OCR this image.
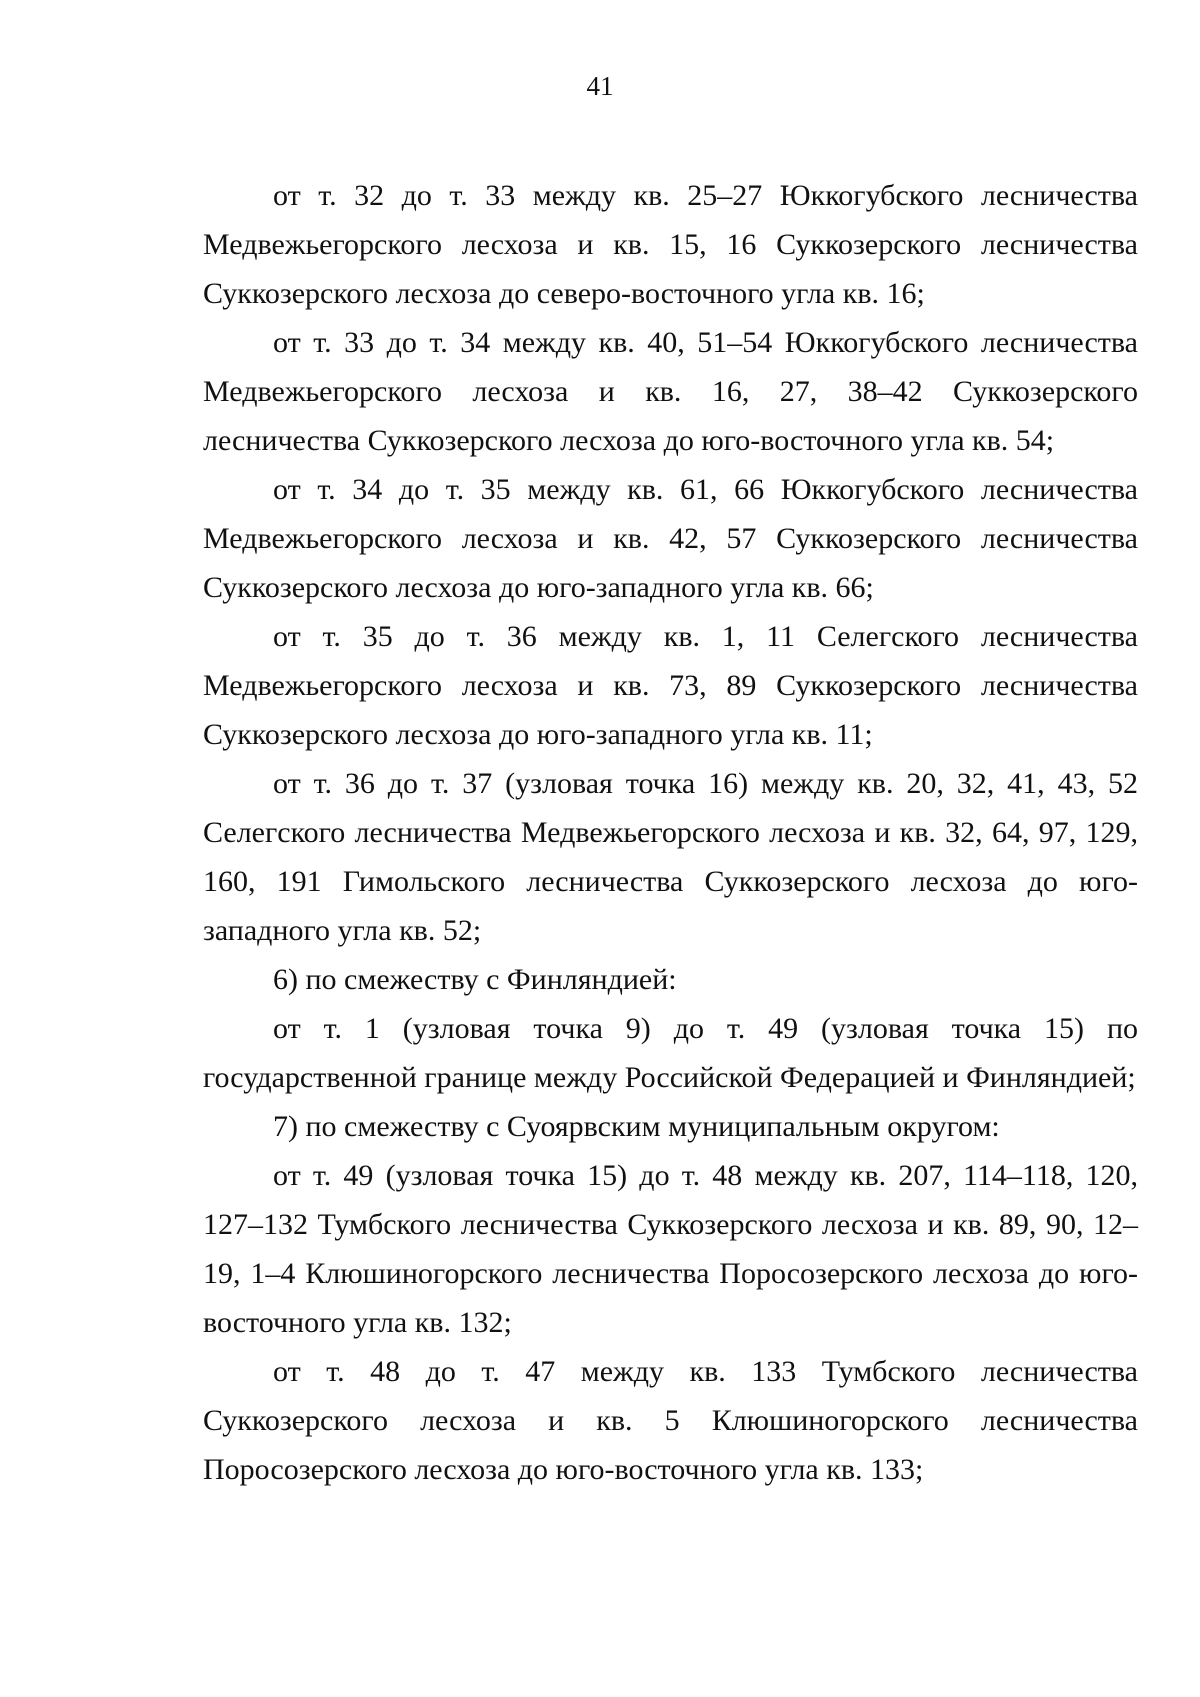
41

от т. 32 до т. 33 между кв. 25–27 Юккогубского лесничества Медвежьегорского лесхоза и кв. 15, 16 Суккозерского лесничества Суккозерского лесхоза до северо-восточного угла кв. 16;

от т. 33 до т. 34 между кв. 40, 51–54 Юккогубского лесничества Медвежьегорского лесхоза и кв. 16, 27, 38–42 Суккозерского лесничества Суккозерского лесхоза до юго-восточного угла кв. 54;

от т. 34 до т. 35 между кв. 61, 66 Юккогубского лесничества Медвежьегорского лесхоза и кв. 42, 57 Суккозерского лесничества Суккозерского лесхоза до юго-западного угла кв. 66;

от т. 35 до т. 36 между кв. 1, 11 Селегского лесничества Медвежьегорского лесхоза и кв. 73, 89 Суккозерского лесничества Суккозерского лесхоза до юго-западного угла кв. 11;

от т. 36 до т. 37 (узловая точка 16) между кв. 20, 32, 41, 43, 52 Селегского лесничества Медвежьегорского лесхоза и кв. 32, 64, 97, 129, 160, 191 Гимольского лесничества Суккозерского лесхоза до юго-западного угла кв. 52;

6) по смежеству с Финляндией:

от т. 1 (узловая точка 9) до т. 49 (узловая точка 15) по государственной границе между Российской Федерацией и Финляндией;

7) по смежеству с Суоярвским муниципальным округом:

от т. 49 (узловая точка 15) до т. 48 между кв. 207, 114–118, 120, 127–132 Тумбского лесничества Суккозерского лесхоза и кв. 89, 90, 12–19, 1–4 Клюшиногорского лесничества Поросозерского лесхоза до юго-восточного угла кв. 132;

от т. 48 до т. 47 между кв. 133 Тумбского лесничества Суккозерского лесхоза и кв. 5 Клюшиногорского лесничества Поросозерского лесхоза до юго-восточного угла кв. 133;
